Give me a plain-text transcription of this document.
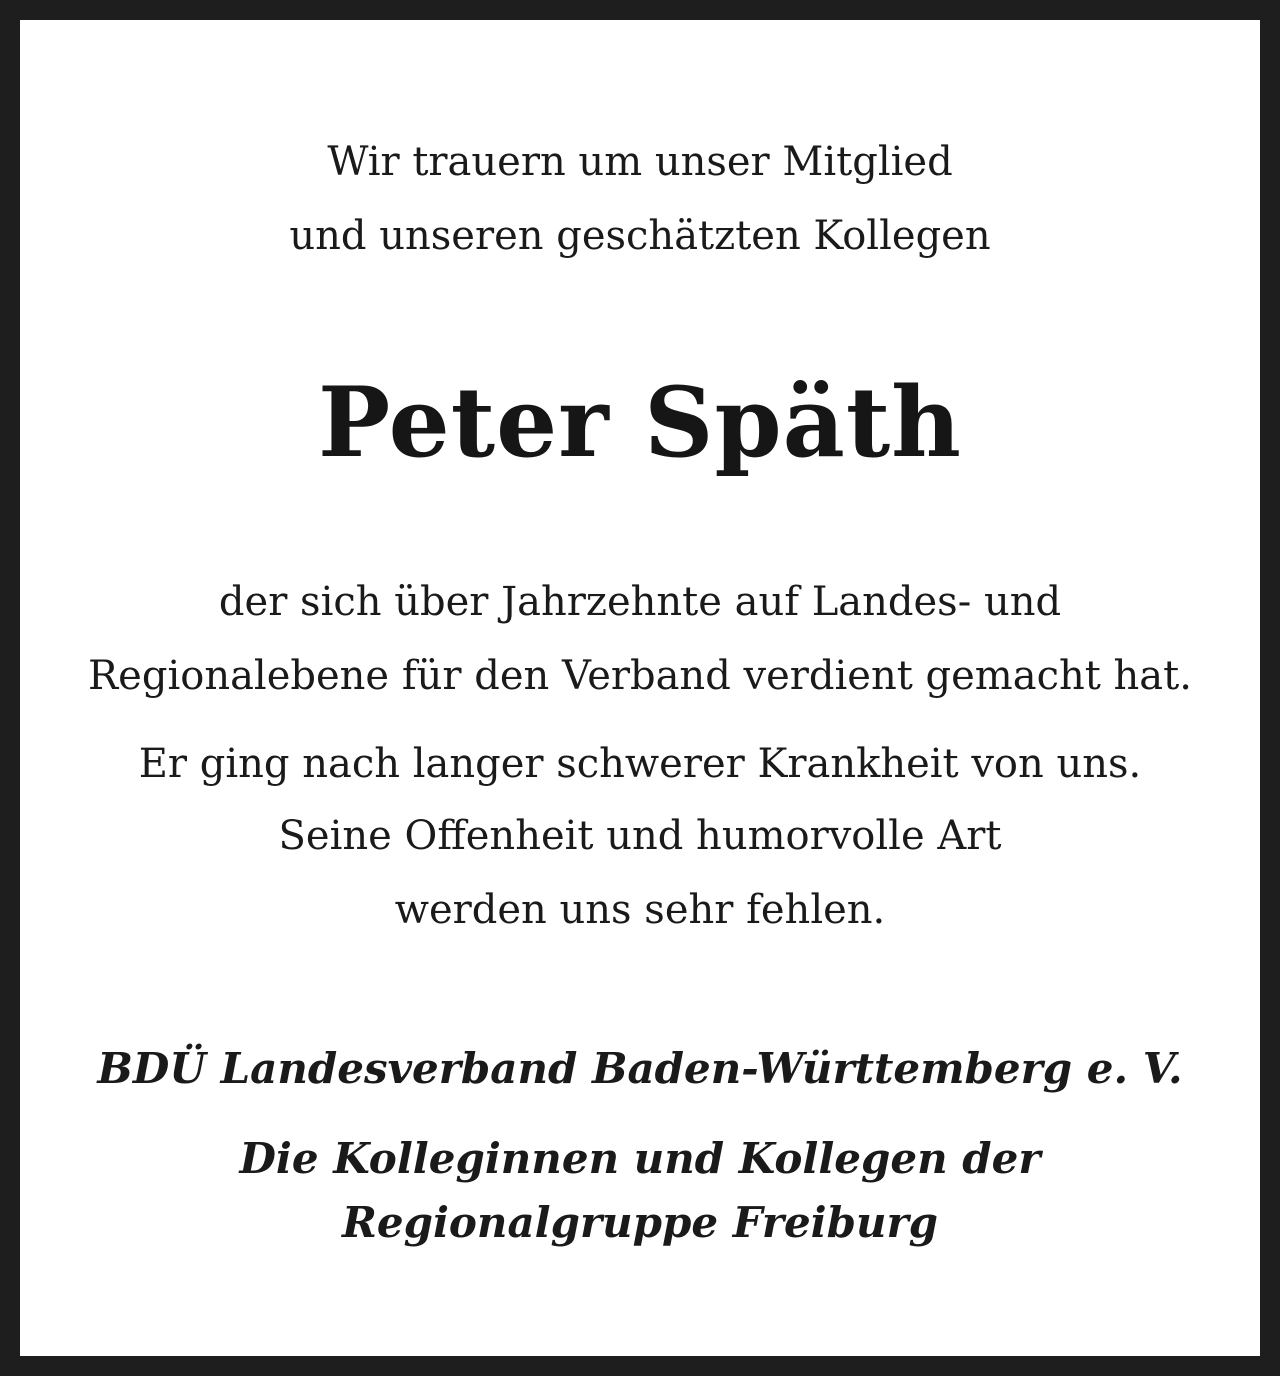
Wir trauern um unser Mitglied
und unseren geschätzten Kollegen
Peter Späth
der sich über Jahrzehnte auf Landes- und
Regionalebene für den Verband verdient gemacht hat.
Er ging nach langer schwerer Krankheit von uns.
Seine Offenheit und humorvolle Art
werden uns sehr fehlen.
BDÜ Landesverband Baden-Württemberg e. V.
Die Kolleginnen und Kollegen der
Regionalgruppe Freiburg
